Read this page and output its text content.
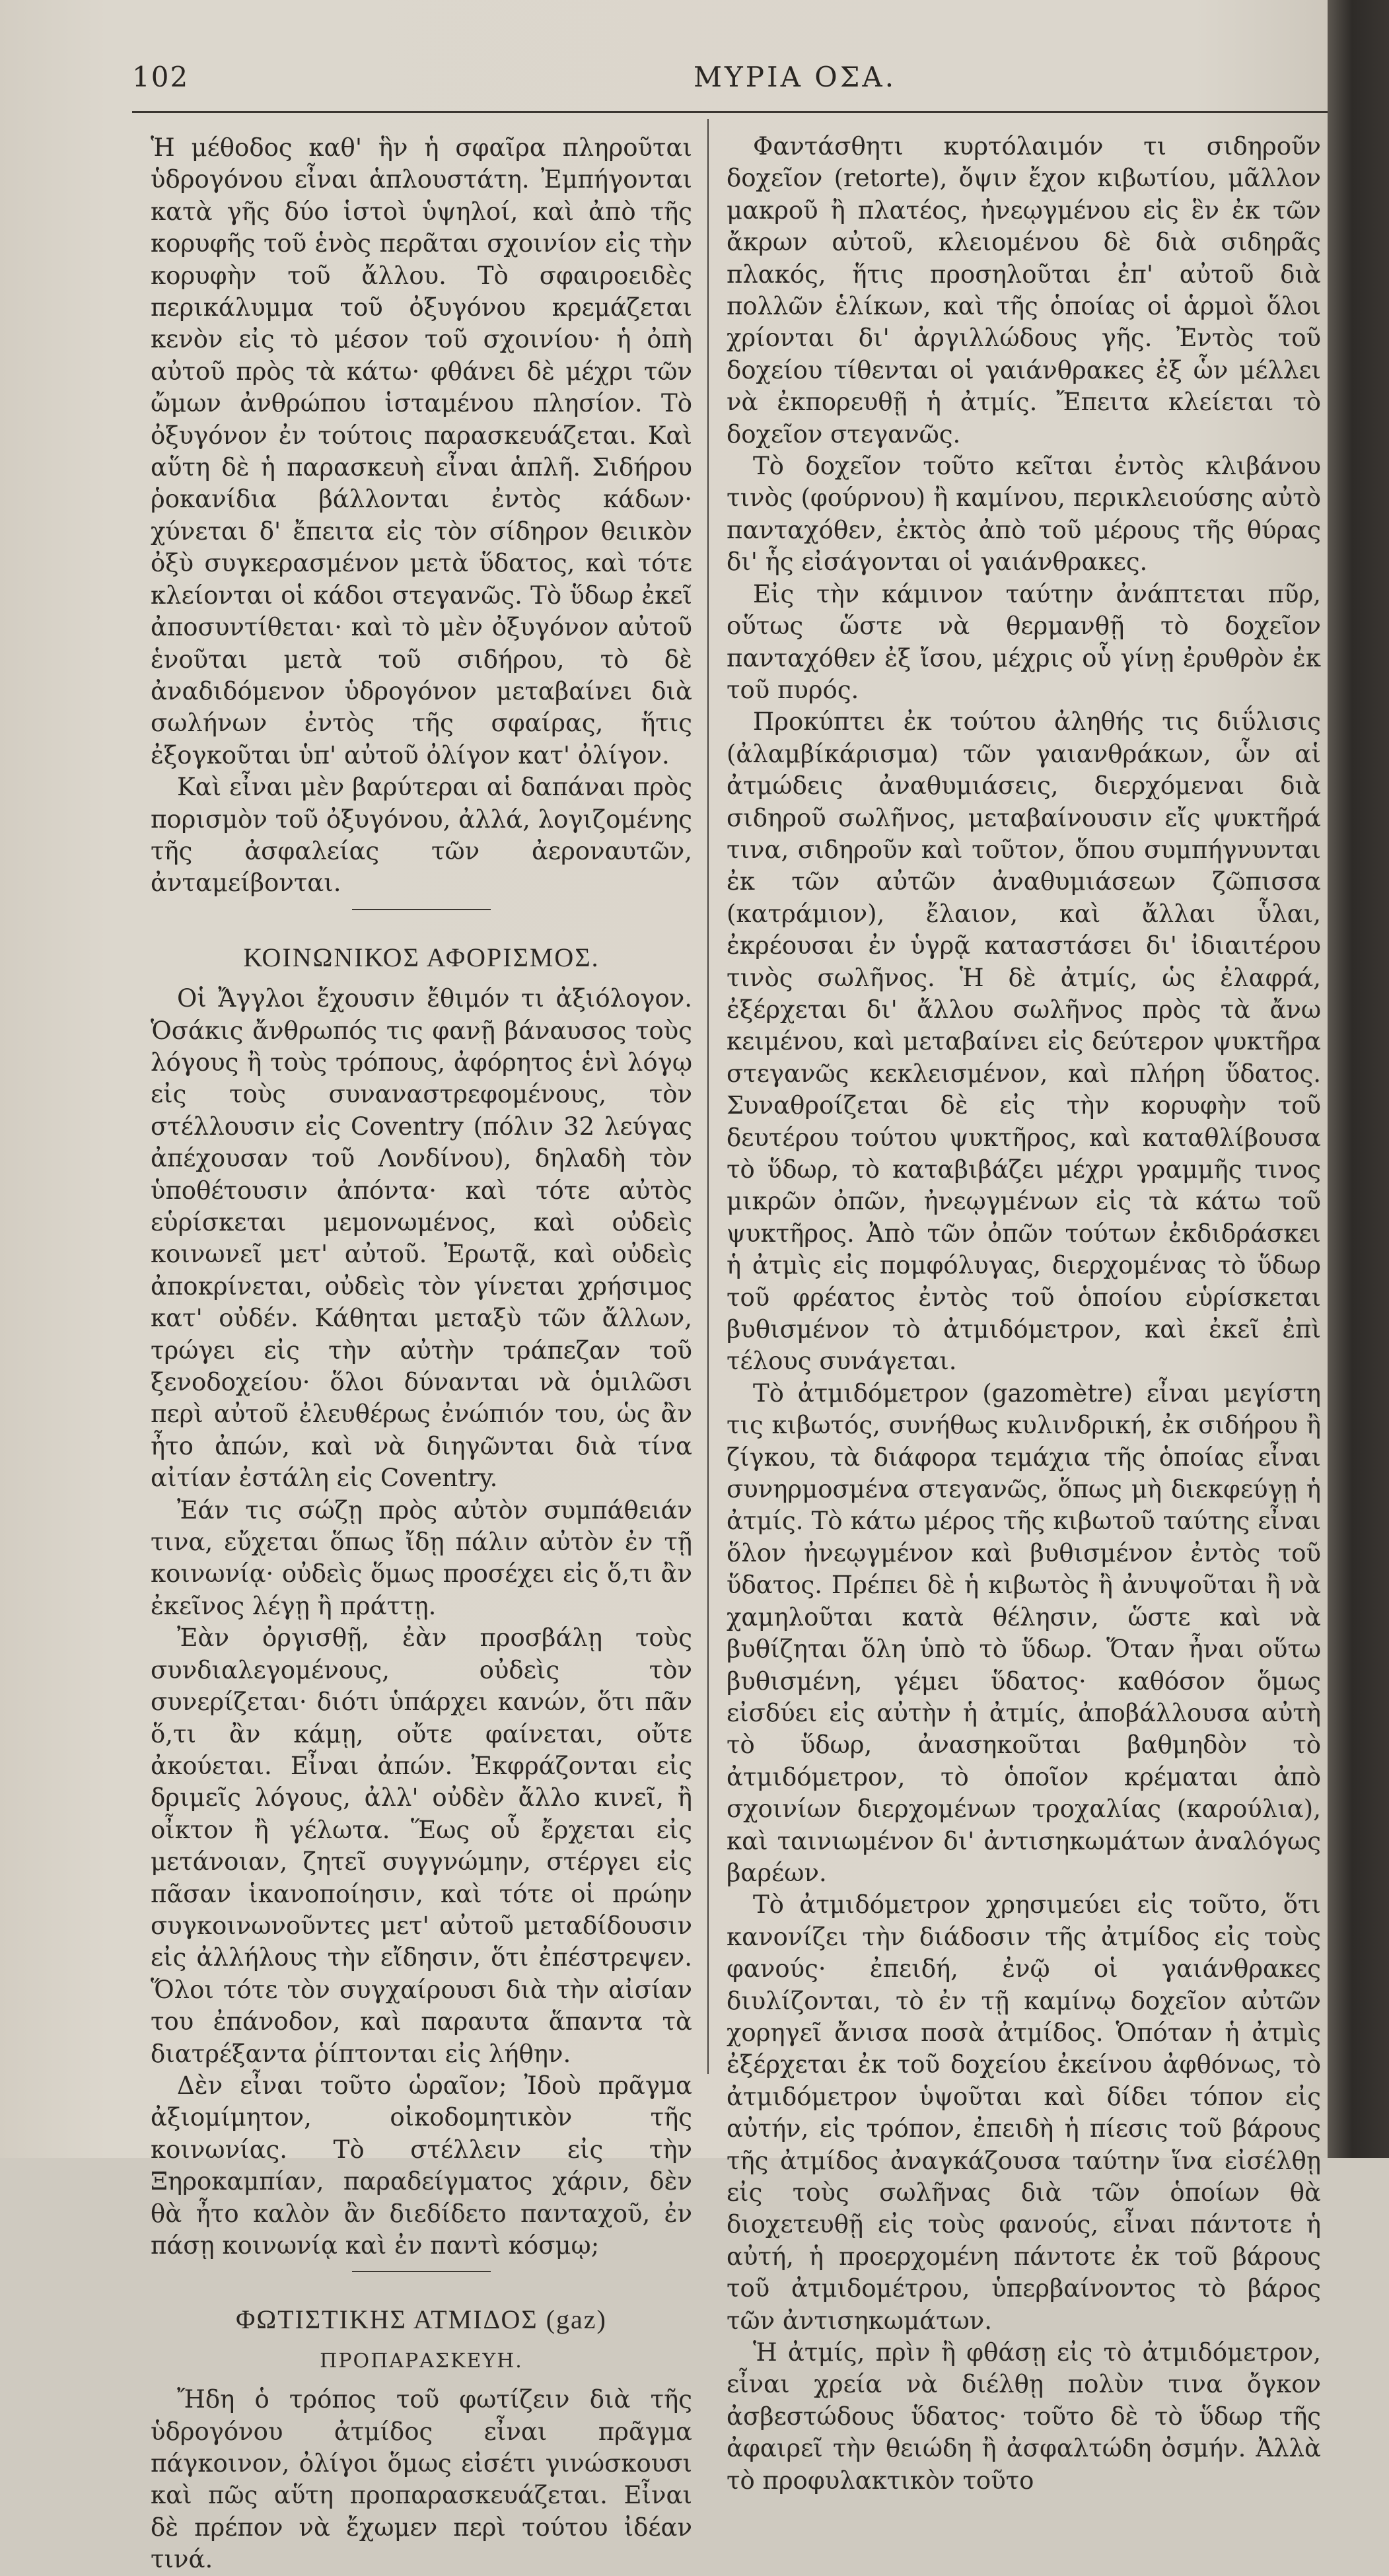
102	ΜΥΡΙΑ ΟΣΑ.

Ἡ μέθοδος καθ' ἣν ἡ σφαῖρα πληροῦται ὑδρογόνου εἶναι ἁπλουστάτη. Ἐμπήγονται κατὰ γῆς δύο ἱστοὶ ὑψηλοί, καὶ ἀπὸ τῆς κορυφῆς τοῦ ἑνὸς περᾶται σχοινίον εἰς τὴν κορυφὴν τοῦ ἄλλου. Τὸ σφαιροειδὲς περικάλυμμα τοῦ ὀξυγόνου κρεμάζεται κενὸν εἰς τὸ μέσον τοῦ σχοινίου· ἡ ὀπὴ αὐτοῦ πρὸς τὰ κάτω· φθάνει δὲ μέχρι τῶν ὤμων ἀνθρώπου ἱσταμένου πλησίον. Τὸ ὀξυγόνον ἐν τούτοις παρασκευάζεται. Καὶ αὕτη δὲ ἡ παρασκευὴ εἶναι ἁπλῆ. Σιδήρου ῥοκανίδια βάλλονται ἐντὸς κάδων· χύνεται δ' ἔπειτα εἰς τὸν σίδηρον θειικὸν ὀξὺ συγκερασμένον μετὰ ὕδατος, καὶ τότε κλείονται οἱ κάδοι στεγανῶς. Τὸ ὕδωρ ἐκεῖ ἀποσυντίθεται· καὶ τὸ μὲν ὀξυγόνον αὐτοῦ ἑνοῦται μετὰ τοῦ σιδήρου, τὸ δὲ ἀναδιδόμενον ὑδρογόνον μεταβαίνει διὰ σωλήνων ἐντὸς τῆς σφαίρας, ἥτις ἐξογκοῦται ὑπ' αὐτοῦ ὀλίγον κατ' ὀλίγον.

Καὶ εἶναι μὲν βαρύτεραι αἱ δαπάναι πρὸς πορισμὸν τοῦ ὀξυγόνου, ἀλλά, λογιζομένης τῆς ἀσφαλείας τῶν ἀεροναυτῶν, ἀνταμείβονται.

ΚΟΙΝΩΝΙΚΟΣ ΑΦΟΡΙΣΜΟΣ.

Οἱ Ἄγγλοι ἔχουσιν ἔθιμόν τι ἀξιόλογον. Ὁσάκις ἄνθρωπός τις φανῇ βάναυσος τοὺς λόγους ἢ τοὺς τρόπους, ἀφόρητος ἑνὶ λόγῳ εἰς τοὺς συναναστρεφομένους, τὸν στέλλουσιν εἰς Coventry (πόλιν 32 λεύγας ἀπέχουσαν τοῦ Λονδίνου), δηλαδὴ τὸν ὑποθέτουσιν ἀπόντα· καὶ τότε αὐτὸς εὑρίσκεται μεμονωμένος, καὶ οὐδεὶς κοινωνεῖ μετ' αὐτοῦ. Ἐρωτᾷ, καὶ οὐδεὶς ἀποκρίνεται, οὐδεὶς τὸν γίνεται χρήσιμος κατ' οὐδέν. Κάθηται μεταξὺ τῶν ἄλλων, τρώγει εἰς τὴν αὐτὴν τράπεζαν τοῦ ξενοδοχείου· ὅλοι δύνανται νὰ ὁμιλῶσι περὶ αὐτοῦ ἐλευθέρως ἐνώπιόν του, ὡς ἂν ἦτο ἀπών, καὶ νὰ διηγῶνται διὰ τίνα αἰτίαν ἐστάλη εἰς Coventry.

Ἐάν τις σώζῃ πρὸς αὐτὸν συμπάθειάν τινα, εὔχεται ὅπως ἴδῃ πάλιν αὐτὸν ἐν τῇ κοινωνίᾳ· οὐδεὶς ὅμως προσέχει εἰς ὅ,τι ἂν ἐκεῖνος λέγῃ ἢ πράττῃ.

Ἐὰν ὀργισθῇ, ἐὰν προσβάλῃ τοὺς συνδιαλεγομένους, οὐδεὶς τὸν συνερίζεται· διότι ὑπάρχει κανών, ὅτι πᾶν ὅ,τι ἂν κάμῃ, οὔτε φαίνεται, οὔτε ἀκούεται. Εἶναι ἀπών. Ἐκφράζονται εἰς δριμεῖς λόγους, ἀλλ' οὐδὲν ἄλλο κινεῖ, ἢ οἶκτον ἢ γέλωτα. Ἕως οὗ ἔρχεται εἰς μετάνοιαν, ζητεῖ συγγνώμην, στέργει εἰς πᾶσαν ἱκανοποίησιν, καὶ τότε οἱ πρώην συγκοινωνοῦντες μετ' αὐτοῦ μεταδίδουσιν εἰς ἀλλήλους τὴν εἴδησιν, ὅτι ἐπέστρεψεν. Ὅλοι τότε τὸν συγχαίρουσι διὰ τὴν αἰσίαν του ἐπάνοδον, καὶ παραυτα ἅπαντα τὰ διατρέξαντα ῥίπτονται εἰς λήθην.

Δὲν εἶναι τοῦτο ὡραῖον; Ἰδοὺ πρᾶγμα ἀξιομίμητον, οἰκοδομητικὸν τῆς κοινωνίας. Τὸ στέλλειν εἰς τὴν Ξηροκαμπίαν, παραδείγματος χάριν, δὲν θὰ ἦτο καλὸν ἂν διεδίδετο πανταχοῦ, ἐν πάσῃ κοινωνίᾳ καὶ ἐν παντὶ κόσμῳ;

ΦΩΤΙΣΤΙΚΗΣ ΑΤΜΙΔΟΣ (gaz)
ΠΡΟΠΑΡΑΣΚΕΥΗ.

Ἤδη ὁ τρόπος τοῦ φωτίζειν διὰ τῆς ὑδρογόνου ἀτμίδος εἶναι πρᾶγμα πάγκοινον, ὀλίγοι ὅμως εἰσέτι γινώσκουσι καὶ πῶς αὕτη προπαρασκευάζεται. Εἶναι δὲ πρέπον νὰ ἔχωμεν περὶ τούτου ἰδέαν τινά.

Φαντάσθητι κυρτόλαιμόν τι σιδηροῦν δοχεῖον (retorte), ὄψιν ἔχον κιβωτίου, μᾶλλον μακροῦ ἢ πλατέος, ἠνεῳγμένου εἰς ἓν ἐκ τῶν ἄκρων αὐτοῦ, κλειομένου δὲ διὰ σιδηρᾶς πλακός, ἥτις προσηλοῦται ἐπ' αὐτοῦ διὰ πολλῶν ἑλίκων, καὶ τῆς ὁποίας οἱ ἁρμοὶ ὅλοι χρίονται δι' ἀργιλλώδους γῆς. Ἐντὸς τοῦ δοχείου τίθενται οἱ γαιάνθρακες ἐξ ὧν μέλλει νὰ ἐκπορευθῇ ἡ ἀτμίς. Ἔπειτα κλείεται τὸ δοχεῖον στεγανῶς.

Τὸ δοχεῖον τοῦτο κεῖται ἐντὸς κλιβάνου τινὸς (φούρνου) ἢ καμίνου, περικλειούσης αὐτὸ πανταχόθεν, ἐκτὸς ἀπὸ τοῦ μέρους τῆς θύρας δι' ἧς εἰσάγονται οἱ γαιάνθρακες.

Εἰς τὴν κάμινον ταύτην ἀνάπτεται πῦρ, οὕτως ὥστε νὰ θερμανθῇ τὸ δοχεῖον πανταχόθεν ἐξ ἴσου, μέχρις οὗ γίνῃ ἐρυθρὸν ἐκ τοῦ πυρός.

Προκύπτει ἐκ τούτου ἀληθής τις διΰλισις (ἀλαμβίκάρισμα) τῶν γαιανθράκων, ὧν αἱ ἀτμώδεις ἀναθυμιάσεις, διερχόμεναι διὰ σιδηροῦ σωλῆνος, μεταβαίνουσιν εἴς ψυκτῆρά τινα, σιδηροῦν καὶ τοῦτον, ὅπου συμπήγνυνται ἐκ τῶν αὐτῶν ἀναθυμιάσεων ζῶπισσα (κατράμιον), ἔλαιον, καὶ ἄλλαι ὗλαι, ἐκρέουσαι ἐν ὑγρᾷ καταστάσει δι' ἰδιαιτέρου τινὸς σωλῆνος. Ἡ δὲ ἀτμίς, ὡς ἐλαφρά, ἐξέρχεται δι' ἄλλου σωλῆνος πρὸς τὰ ἄνω κειμένου, καὶ μεταβαίνει εἰς δεύτερον ψυκτῆρα στεγανῶς κεκλεισμένον, καὶ πλήρη ὕδατος. Συναθροίζεται δὲ εἰς τὴν κορυφὴν τοῦ δευτέρου τούτου ψυκτῆρος, καὶ καταθλίβουσα τὸ ὕδωρ, τὸ καταβιβάζει μέχρι γραμμῆς τινος μικρῶν ὀπῶν, ἠνεῳγμένων εἰς τὰ κάτω τοῦ ψυκτῆρος. Ἀπὸ τῶν ὀπῶν τούτων ἐκδιδράσκει ἡ ἀτμὶς εἰς πομφόλυγας, διερχομένας τὸ ὕδωρ τοῦ φρέατος ἐντὸς τοῦ ὁποίου εὑρίσκεται βυθισμένον τὸ ἀτμιδόμετρον, καὶ ἐκεῖ ἐπὶ τέλους συνάγεται.

Τὸ ἀτμιδόμετρον (gazomètre) εἶναι μεγίστη τις κιβωτός, συνήθως κυλινδρική, ἐκ σιδήρου ἢ ζίγκου, τὰ διάφορα τεμάχια τῆς ὁποίας εἶναι συνηρμοσμένα στεγανῶς, ὅπως μὴ διεκφεύγῃ ἡ ἀτμίς. Τὸ κάτω μέρος τῆς κιβωτοῦ ταύτης εἶναι ὅλον ἠνεῳγμένον καὶ βυθισμένον ἐντὸς τοῦ ὕδατος. Πρέπει δὲ ἡ κιβωτὸς ἢ ἀνυψοῦται ἢ νὰ χαμηλοῦται κατὰ θέλησιν, ὥστε καὶ νὰ βυθίζηται ὅλη ὑπὸ τὸ ὕδωρ. Ὅταν ἦναι οὕτω βυθισμένη, γέμει ὕδατος· καθόσον ὅμως εἰσδύει εἰς αὐτὴν ἡ ἀτμίς, ἀποβάλλουσα αὐτὴ τὸ ὕδωρ, ἀνασηκοῦται βαθμηδὸν τὸ ἀτμιδόμετρον, τὸ ὁποῖον κρέμαται ἀπὸ σχοινίων διερχομένων τροχαλίας (καρούλια), καὶ ταινιωμένον δι' ἀντισηκωμάτων ἀναλόγως βαρέων.

Τὸ ἀτμιδόμετρον χρησιμεύει εἰς τοῦτο, ὅτι κανονίζει τὴν διάδοσιν τῆς ἀτμίδος εἰς τοὺς φανούς· ἐπειδή, ἐνῷ οἱ γαιάνθρακες διυλίζονται, τὸ ἐν τῇ καμίνῳ δοχεῖον αὐτῶν χορηγεῖ ἄνισα ποσὰ ἀτμίδος. Ὁπόταν ἡ ἀτμὶς ἐξέρχεται ἐκ τοῦ δοχείου ἐκείνου ἀφθόνως, τὸ ἀτμιδόμετρον ὑψοῦται καὶ δίδει τόπον εἰς αὐτήν, εἰς τρόπον, ἐπειδὴ ἡ πίεσις τοῦ βάρους τῆς ἀτμίδος ἀναγκάζουσα ταύτην ἵνα εἰσέλθῃ εἰς τοὺς σωλῆνας διὰ τῶν ὁποίων θὰ διοχετευθῇ εἰς τοὺς φανούς, εἶναι πάντοτε ἡ αὐτή, ἡ προερχομένη πάντοτε ἐκ τοῦ βάρους τοῦ ἀτμιδομέτρου, ὑπερβαίνοντος τὸ βάρος τῶν ἀντισηκωμάτων.

Ἡ ἀτμίς, πρὶν ἢ φθάσῃ εἰς τὸ ἀτμιδόμετρον, εἶναι χρεία νὰ διέλθῃ πολὺν τινα ὄγκον ἀσβεστώδους ὕδατος· τοῦτο δὲ τὸ ὕδωρ τῆς ἀφαιρεῖ τὴν θειώδη ἢ ἀσφαλτώδη ὀσμήν. Ἀλλὰ τὸ προφυλακτικὸν τοῦτο
